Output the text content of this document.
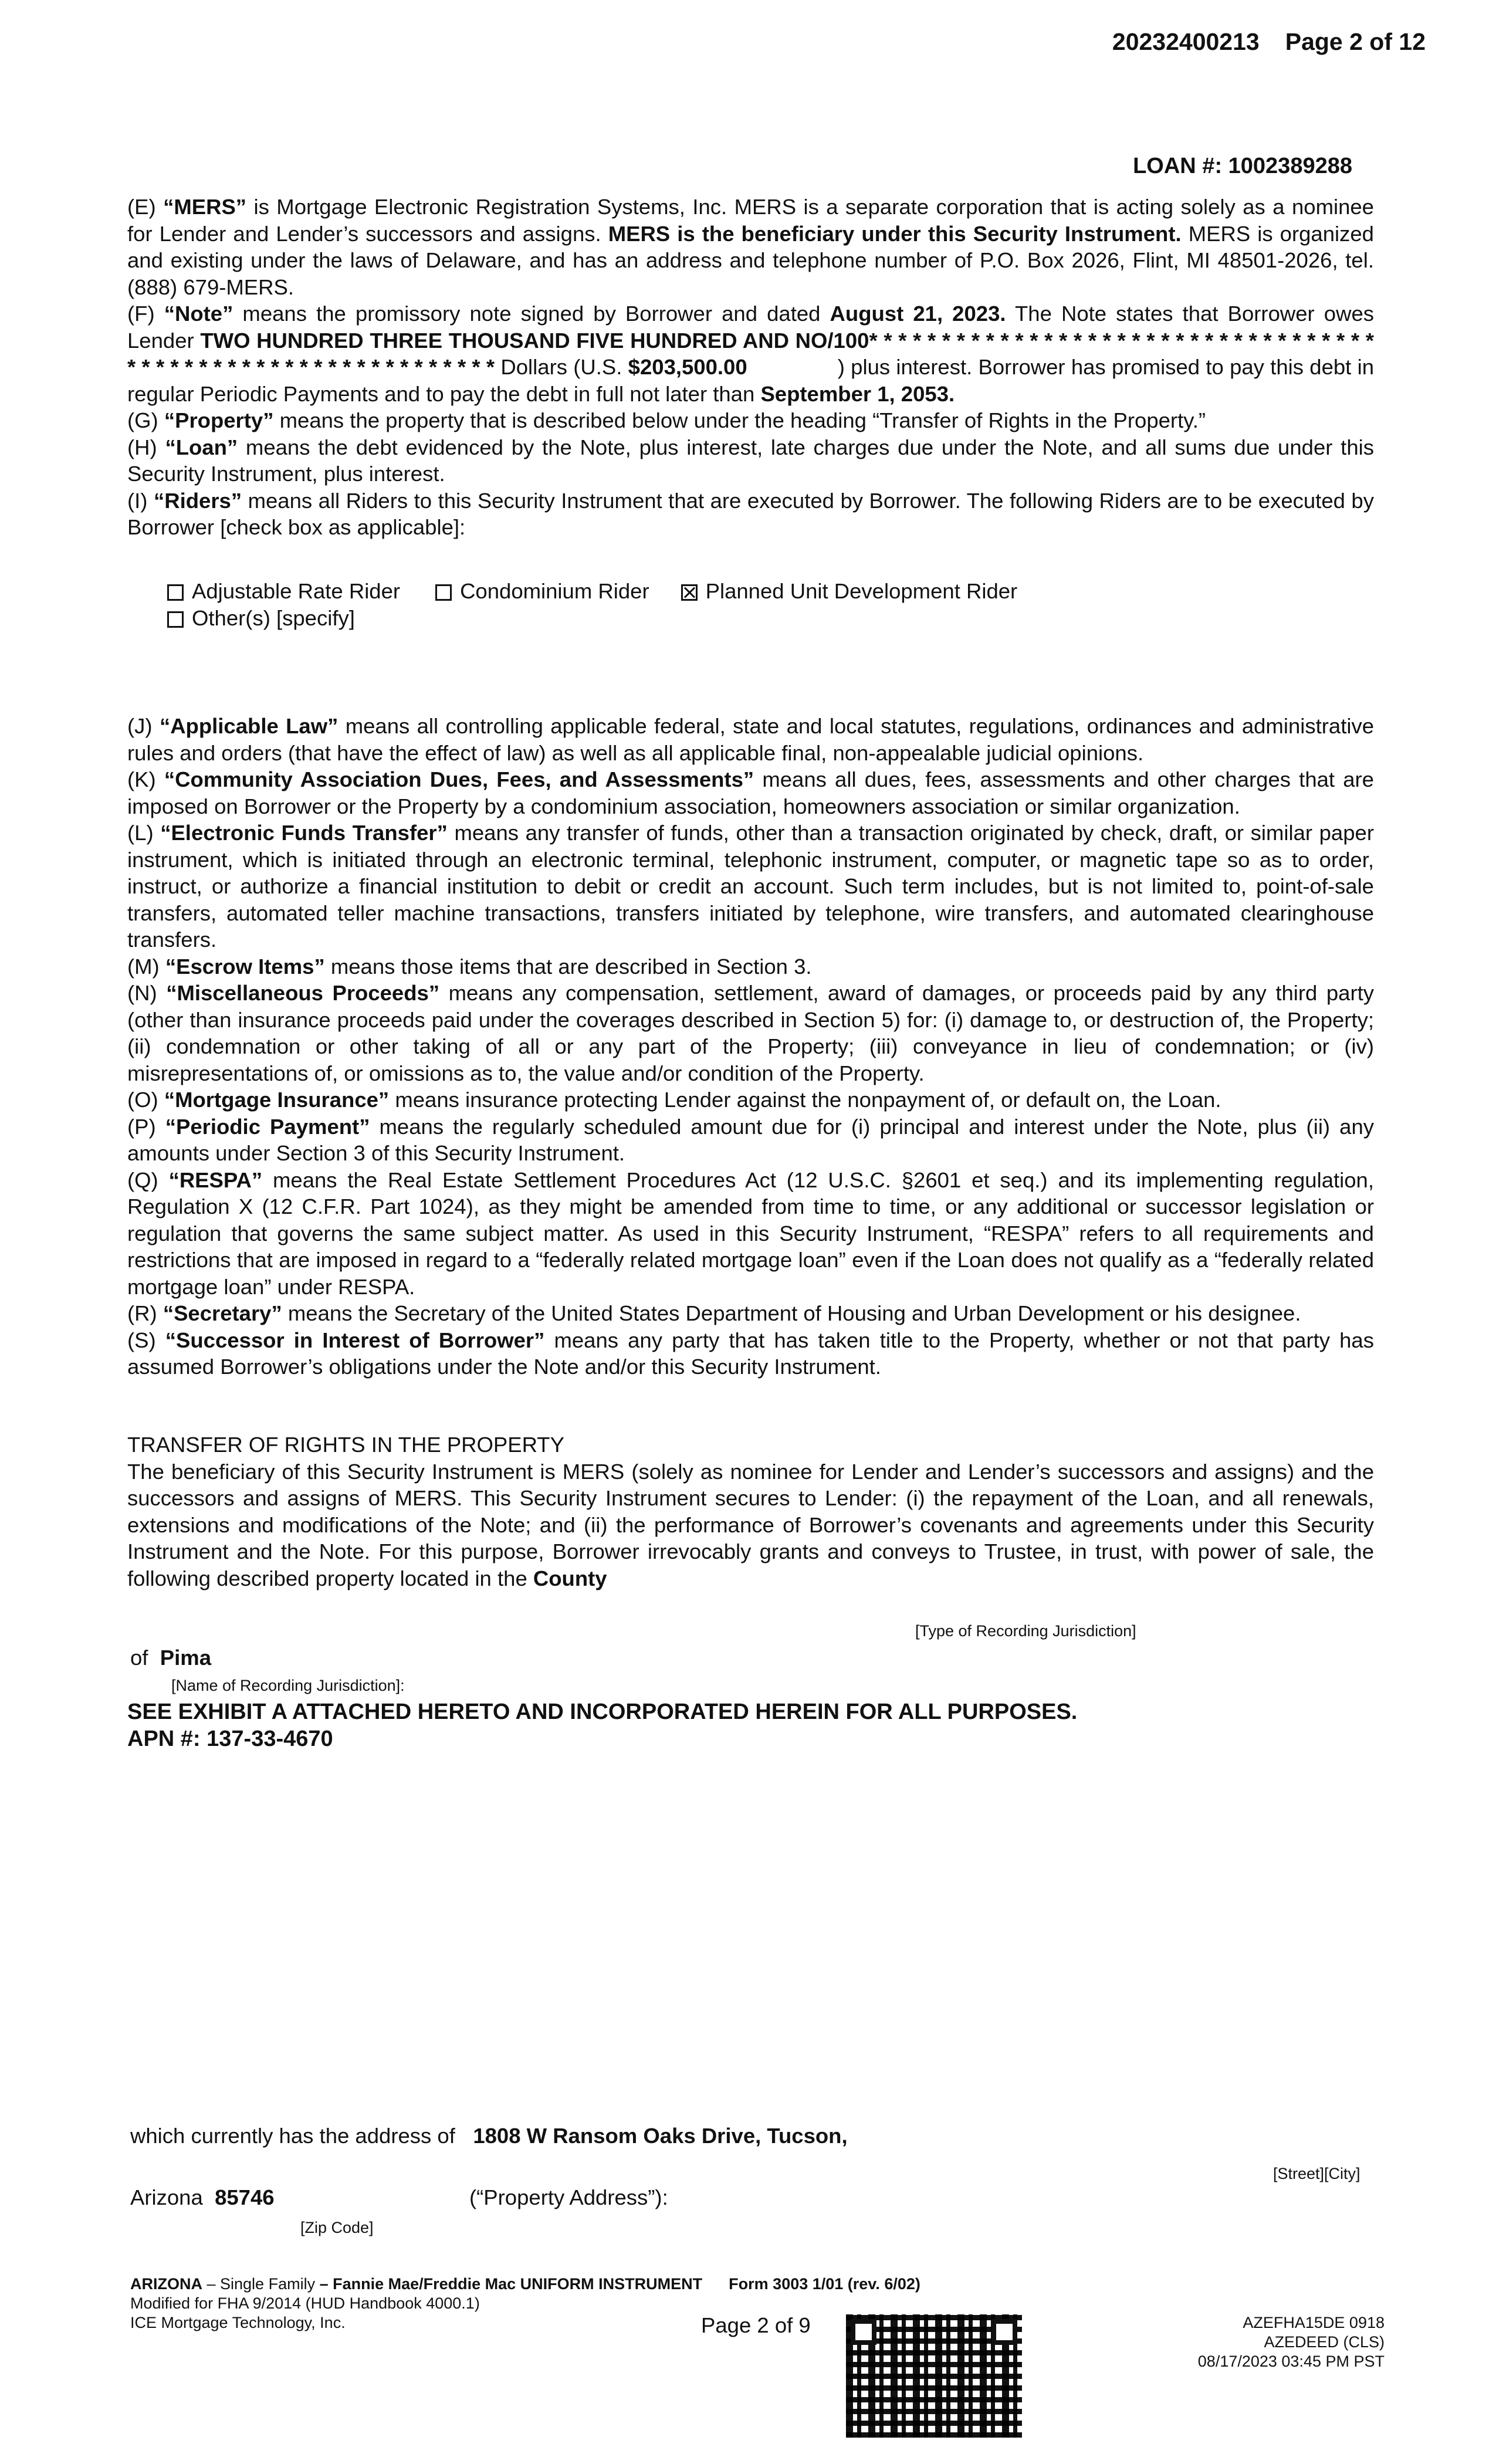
20232400213 Page 2 of 12
LOAN #: 1002389288

(E) “MERS” is Mortgage Electronic Registration Systems, Inc. MERS is a separate corporation that is acting solely as a nominee for Lender and Lender’s successors and assigns. MERS is the beneficiary under this Security Instrument. MERS is organized and existing under the laws of Delaware, and has an address and telephone number of P.O. Box 2026, Flint, MI 48501-2026, tel. (888) 679-MERS.

(F) “Note” means the promissory note signed by Borrower and dated August 21, 2023. The Note states that Borrower owes Lender TWO HUNDRED THREE THOUSAND FIVE HUNDRED AND NO/100* * * * * * * * * * * * * * * * * * * * * * * * * * * * * * * * * * * * * * * * * * * * * * * * * * * * * * * * * * * * * Dollars (U.S. $203,500.00	) plus interest. Borrower has promised to pay this debt in regular Periodic Payments and to pay the debt in full not later than September 1, 2053.

(G) “Property” means the property that is described below under the heading “Transfer of Rights in the Property.”

(H) “Loan” means the debt evidenced by the Note, plus interest, late charges due under the Note, and all sums due under this Security Instrument, plus interest.

(I) “Riders” means all Riders to this Security Instrument that are executed by Borrower. The following Riders are to be executed by Borrower [check box as applicable]:

Adjustable Rate Rider	Condominium Rider	Planned Unit Development Rider
Other(s) [specify]

(J) “Applicable Law” means all controlling applicable federal, state and local statutes, regulations, ordinances and administrative rules and orders (that have the effect of law) as well as all applicable final, non-appealable judicial opinions.

(K) “Community Association Dues, Fees, and Assessments” means all dues, fees, assessments and other charges that are imposed on Borrower or the Property by a condominium association, homeowners association or similar organization.

(L) “Electronic Funds Transfer” means any transfer of funds, other than a transaction originated by check, draft, or similar paper instrument, which is initiated through an electronic terminal, telephonic instrument, computer, or magnetic tape so as to order, instruct, or authorize a financial institution to debit or credit an account. Such term includes, but is not limited to, point-of-sale transfers, automated teller machine transactions, transfers initiated by telephone, wire transfers, and automated clearinghouse transfers.

(M) “Escrow Items” means those items that are described in Section 3.

(N) “Miscellaneous Proceeds” means any compensation, settlement, award of damages, or proceeds paid by any third party (other than insurance proceeds paid under the coverages described in Section 5) for: (i) damage to, or destruction of, the Property; (ii) condemnation or other taking of all or any part of the Property; (iii) conveyance in lieu of condemnation; or (iv) misrepresentations of, or omissions as to, the value and/or condition of the Property.

(O) “Mortgage Insurance” means insurance protecting Lender against the nonpayment of, or default on, the Loan.

(P) “Periodic Payment” means the regularly scheduled amount due for (i) principal and interest under the Note, plus (ii) any amounts under Section 3 of this Security Instrument.

(Q) “RESPA” means the Real Estate Settlement Procedures Act (12 U.S.C. §2601 et seq.) and its implementing regulation, Regulation X (12 C.F.R. Part 1024), as they might be amended from time to time, or any additional or successor legislation or regulation that governs the same subject matter. As used in this Security Instrument, “RESPA” refers to all requirements and restrictions that are imposed in regard to a “federally related mortgage loan” even if the Loan does not qualify as a “federally related mortgage loan” under RESPA.

(R) “Secretary” means the Secretary of the United States Department of Housing and Urban Development or his designee.

(S) “Successor in Interest of Borrower” means any party that has taken title to the Property, whether or not that party has assumed Borrower’s obligations under the Note and/or this Security Instrument.

TRANSFER OF RIGHTS IN THE PROPERTY

The beneficiary of this Security Instrument is MERS (solely as nominee for Lender and Lender’s successors and assigns) and the successors and assigns of MERS. This Security Instrument secures to Lender: (i) the repayment of the Loan, and all renewals, extensions and modifications of the Note; and (ii) the performance of Borrower’s covenants and agreements under this Security Instrument and the Note. For this purpose, Borrower irrevocably grants and conveys to Trustee, in trust, with power of sale, the following described property located in the County

[Type of Recording Jurisdiction]
of Pima
[Name of Recording Jurisdiction]:
SEE EXHIBIT A ATTACHED HERETO AND INCORPORATED HEREIN FOR ALL PURPOSES.
APN #: 137-33-4670
which currently has the address of 1808 W Ransom Oaks Drive, Tucson,
[Street][City]
Arizona 85746	(“Property Address”):
[Zip Code]
ARIZONA – Single Family – Fannie Mae/Freddie Mac UNIFORM INSTRUMENT Form 3003 1/01 (rev. 6/02)
Modified for FHA 9/2014 (HUD Handbook 4000.1)
ICE Mortgage Technology, Inc.	Page 2 of 9	AZEFHA15DE 0918
AZEDEED (CLS)
08/17/2023 03:45 PM PST
